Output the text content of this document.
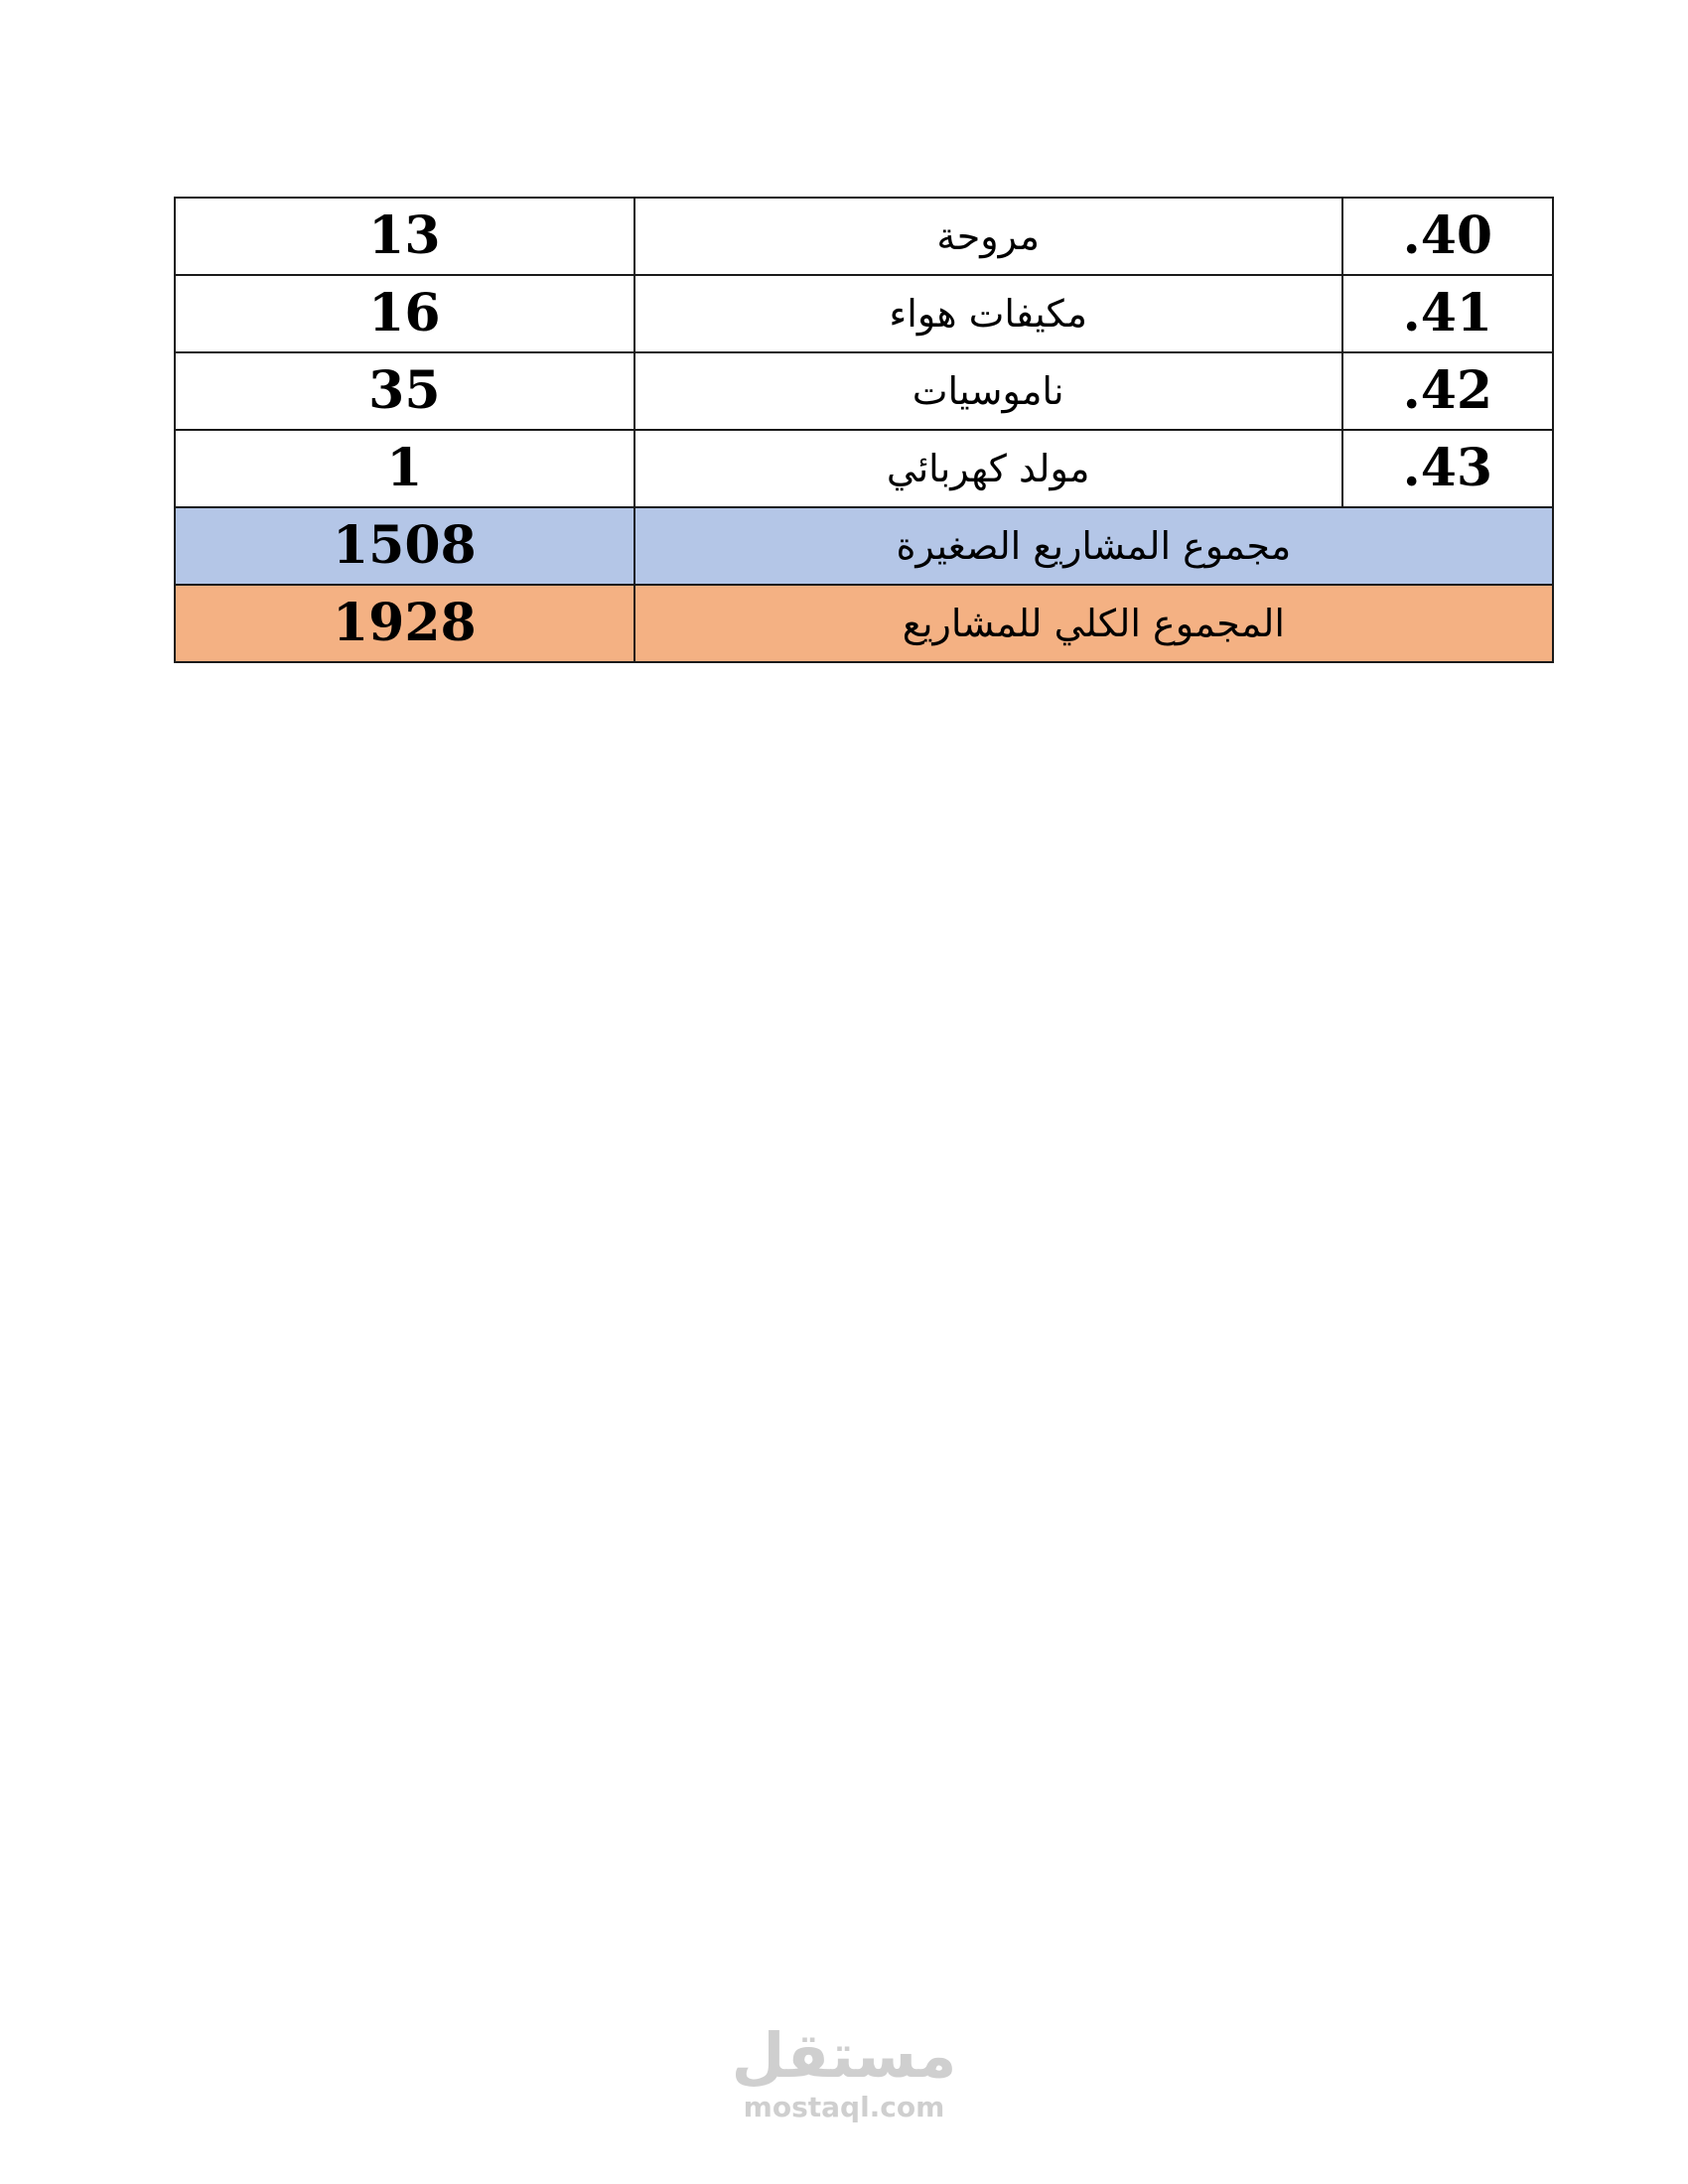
.40	مروحة	13
.41	مكيفات هواء	16
.42	ناموسيات	35
.43	مولد كهربائي	1
مجموع المشاريع الصغيرة		1508
المجموع الكلي للمشاريع		1928
مستقل
mostaql.com
